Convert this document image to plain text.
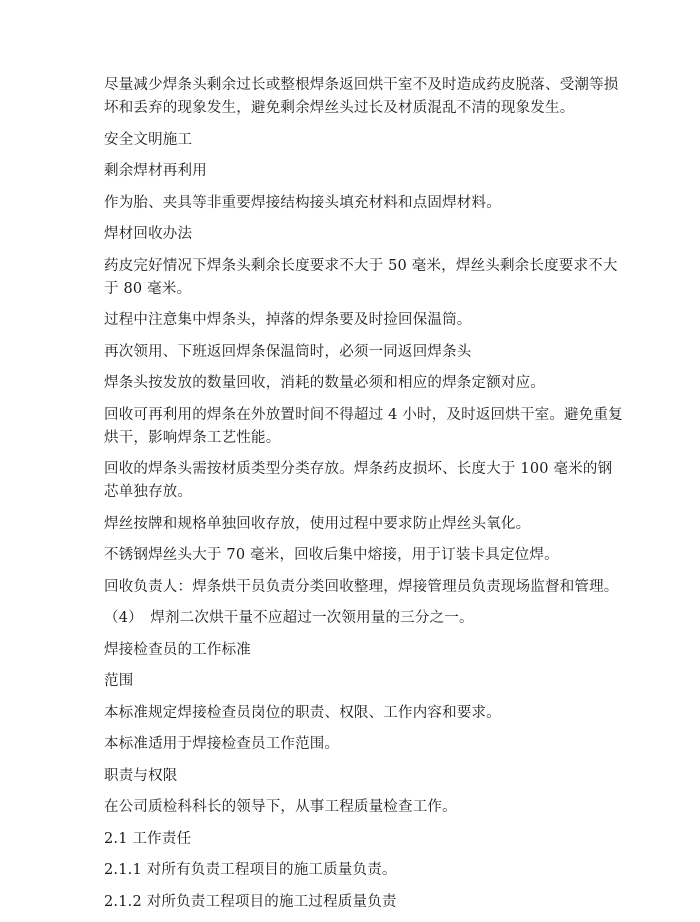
尽量减少焊条头剩余过长或整根焊条返回烘干室不及时造成药皮脱落、受潮等损坏和丢弃的现象发生，避免剩余焊丝头过长及材质混乱不清的现象发生。

安全文明施工

剩余焊材再利用

作为胎、夹具等非重要焊接结构接头填充材料和点固焊材料。

焊材回收办法

药皮完好情况下焊条头剩余长度要求不大于 50 毫米，焊丝头剩余长度要求不大于 80 毫米。

过程中注意集中焊条头，掉落的焊条要及时捡回保温筒。

再次领用、下班返回焊条保温筒时，必须一同返回焊条头

焊条头按发放的数量回收，消耗的数量必须和相应的焊条定额对应。

回收可再利用的焊条在外放置时间不得超过 4 小时，及时返回烘干室。避免重复烘干，影响焊条工艺性能。

回收的焊条头需按材质类型分类存放。焊条药皮损坏、长度大于 100 毫米的钢芯单独存放。

焊丝按牌和规格单独回收存放，使用过程中要求防止焊丝头氧化。

不锈钢焊丝头大于 70 毫米，回收后集中熔接，用于订装卡具定位焊。

回收负责人：焊条烘干员负责分类回收整理，焊接管理员负责现场监督和管理。

（4）　焊剂二次烘干量不应超过一次领用量的三分之一。

焊接检查员的工作标准

范围

本标准规定焊接检查员岗位的职责、权限、工作内容和要求。

本标准适用于焊接检查员工作范围。

职责与权限

在公司质检科科长的领导下，从事工程质量检查工作。

2.1 工作责任

2.1.1 对所有负责工程项目的施工质量负责。

2.1.2 对所负责工程项目的施工过程质量负责
